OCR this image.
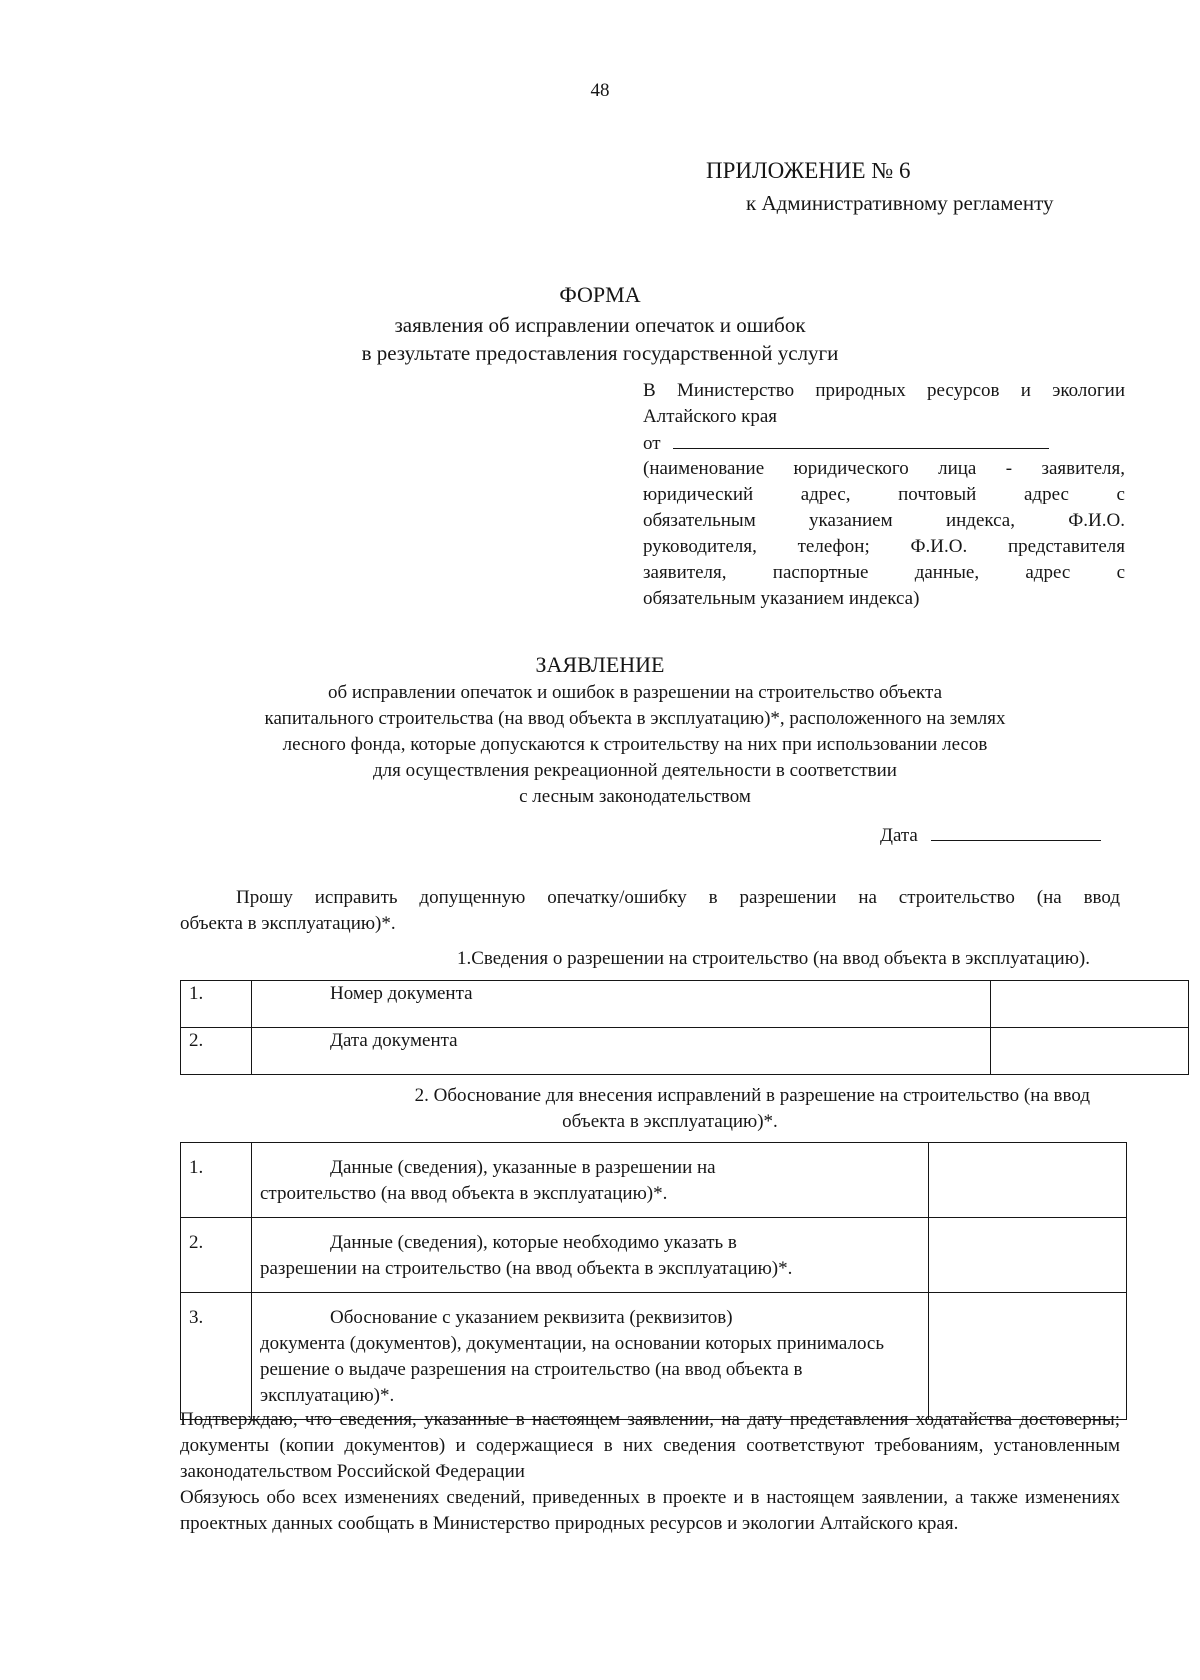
48
ПРИЛОЖЕНИЕ № 6
к Административному регламенту
ФОРМА
заявления об исправлении опечаток и ошибок
в результате предоставления государственной услуги
В Министерство природных ресурсов и экологии
Алтайского края
от
(наименование юридического лица - заявителя,
юридический адрес, почтовый адрес с
обязательным указанием индекса, Ф.И.О.
руководителя, телефон; Ф.И.О. представителя
заявителя, паспортные данные, адрес с
обязательным указанием индекса)
ЗАЯВЛЕНИЕ
об исправлении опечаток и ошибок в разрешении на строительство объекта
капитального строительства (на ввод объекта в эксплуатацию)*, расположенного на землях
лесного фонда, которые допускаются к строительству на них при использовании лесов
для осуществления рекреационной деятельности в соответствии
с лесным законодательством
Дата
Прошу исправить допущенную опечатку/ошибку в разрешении на строительство (на ввод
объекта в эксплуатацию)*.
1.Сведения о разрешении на строительство (на ввод объекта в эксплуатацию).
1.	Номер документа	
2.	Дата документа	
2. Обоснование для внесения исправлений в разрешение на строительство (на ввод
объекта в эксплуатацию)*.
1.	Данные (сведения), указанные в разрешении на
строительство (на ввод объекта в эксплуатацию)*.	

2.	Данные (сведения), которые необходимо указать в
разрешении на строительство (на ввод объекта в эксплуатацию)*.	

3.	Обоснование с указанием реквизита (реквизитов)
документа (документов), документации, на основании которых принималось решение о выдаче разрешения на строительство (на ввод объекта в эксплуатацию)*.	

Подтверждаю, что сведения, указанные в настоящем заявлении, на дату представления ходатайства достоверны; документы (копии документов) и содержащиеся в них сведения соответствуют требованиям, установленным законодательством Российской Федерации

Обязуюсь обо всех изменениях сведений, приведенных в проекте и в настоящем заявлении, а также изменениях проектных данных сообщать в Министерство природных ресурсов и экологии Алтайского края.
